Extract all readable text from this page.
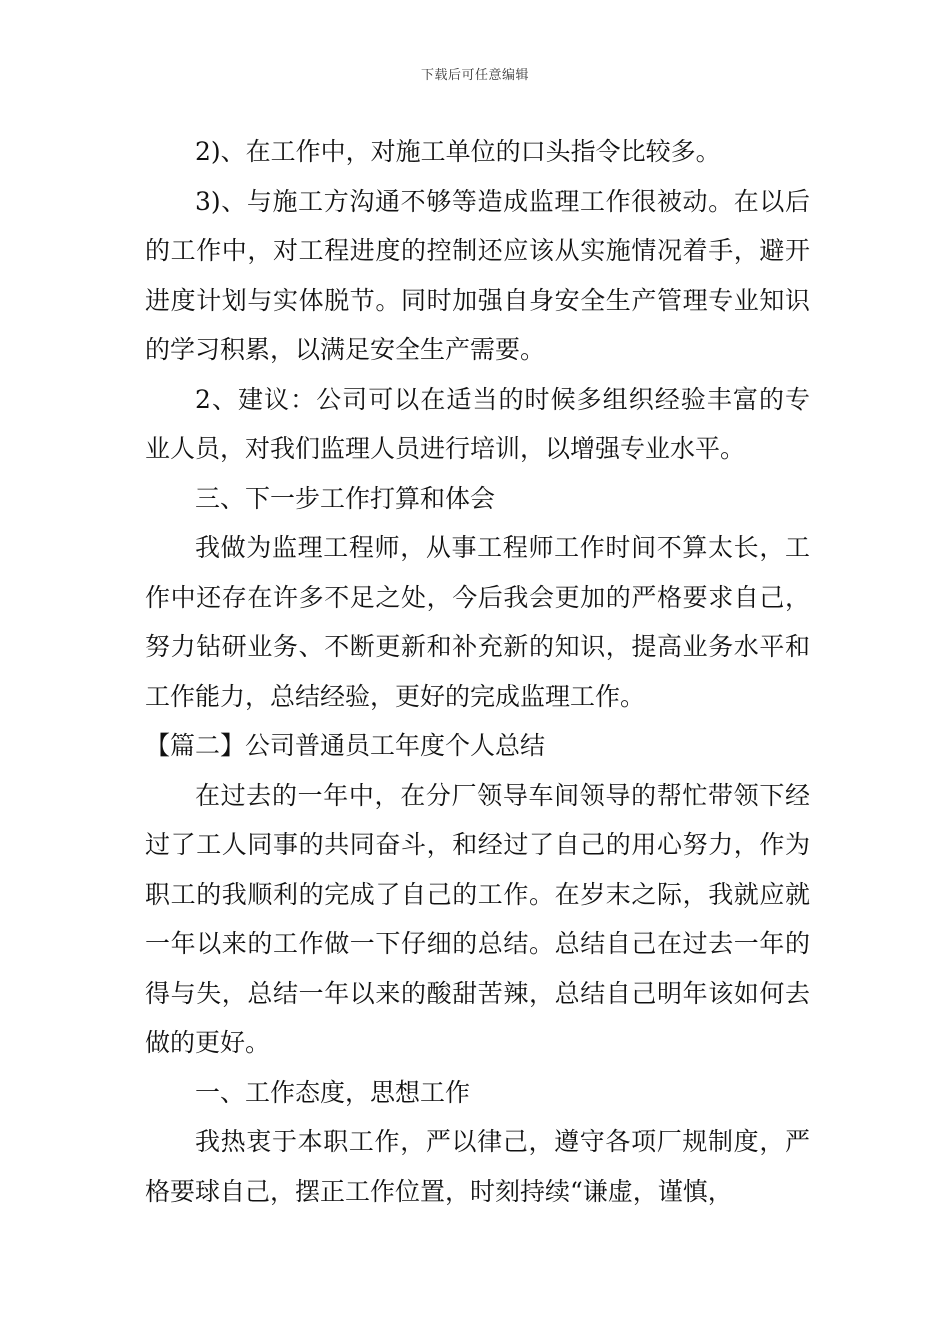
下载后可任意编辑

2)、在工作中，对施工单位的口头指令比较多。

3)、与施工方沟通不够等造成监理工作很被动。在以后的工作中，对工程进度的控制还应该从实施情况着手，避开进度计划与实体脱节。同时加强自身安全生产管理专业知识的学习积累，以满足安全生产需要。

2、建议：公司可以在适当的时候多组织经验丰富的专业人员，对我们监理人员进行培训，以增强专业水平。

三、下一步工作打算和体会

我做为监理工程师，从事工程师工作时间不算太长，工作中还存在许多不足之处，今后我会更加的严格要求自己，努力钻研业务、不断更新和补充新的知识，提高业务水平和工作能力，总结经验，更好的完成监理工作。

【篇二】公司普通员工年度个人总结

在过去的一年中，在分厂领导车间领导的帮忙带领下经过了工人同事的共同奋斗，和经过了自己的用心努力，作为职工的我顺利的完成了自己的工作。在岁末之际，我就应就一年以来的工作做一下仔细的总结。总结自己在过去一年的得与失，总结一年以来的酸甜苦辣，总结自己明年该如何去做的更好。

一、工作态度，思想工作

我热衷于本职工作，严以律己，遵守各项厂规制度，严格要球自己，摆正工作位置，时刻持续“谦虚，谨慎，
